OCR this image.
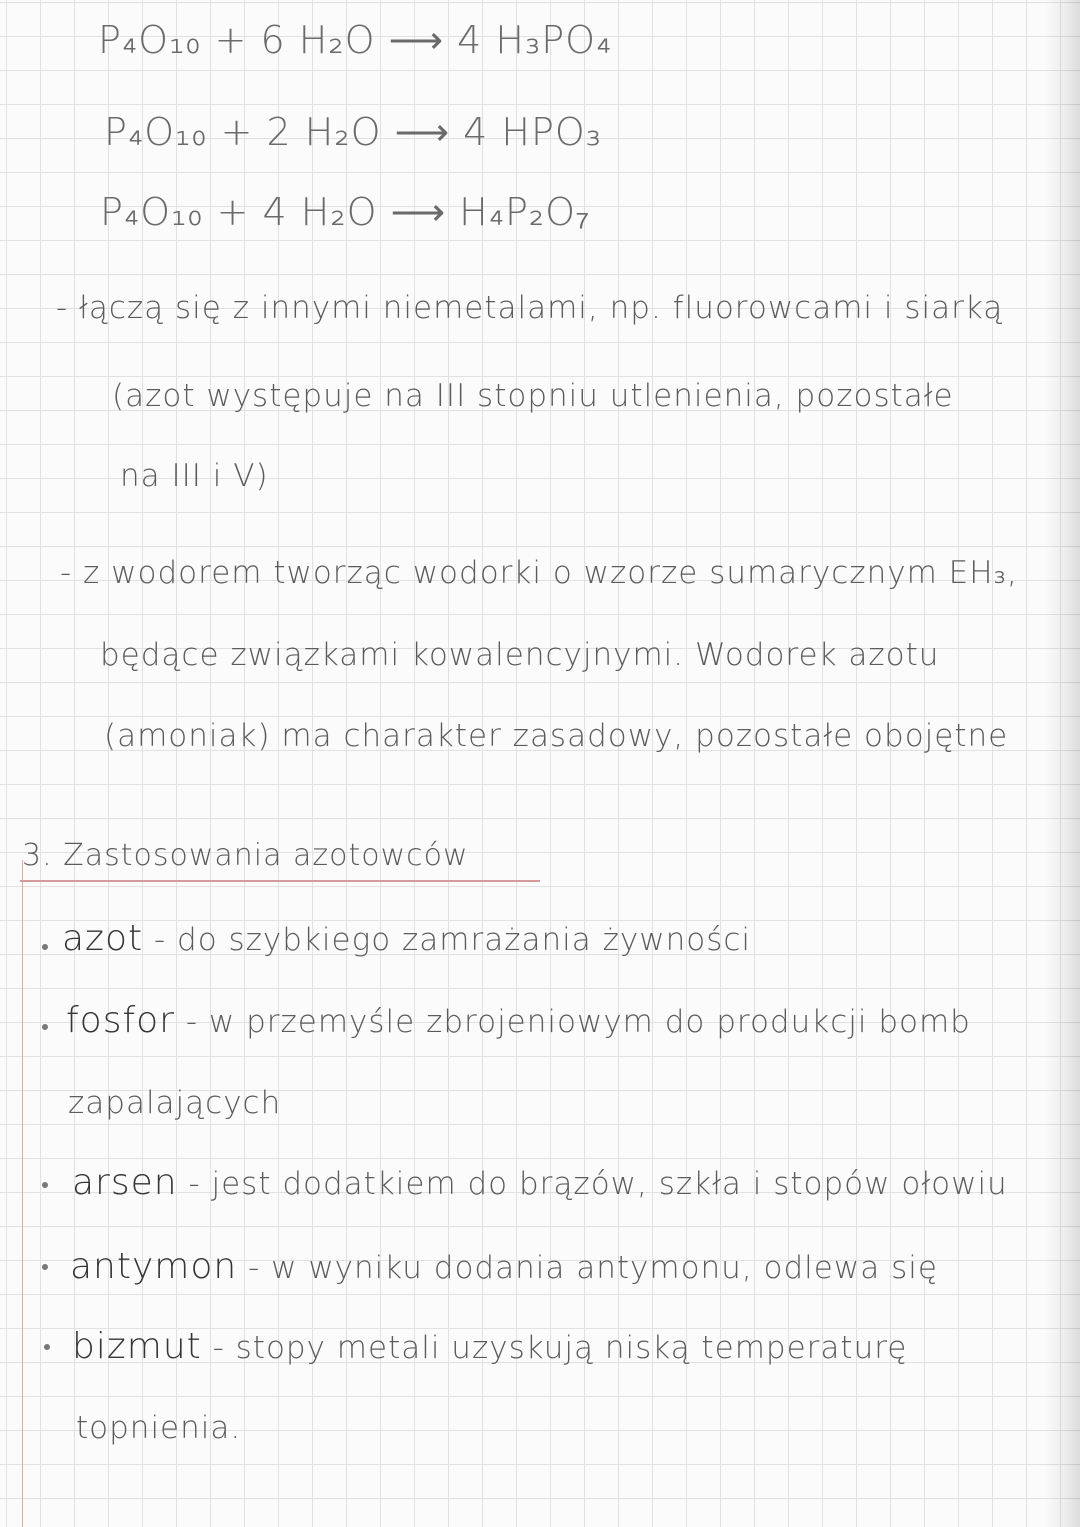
P₄O₁₀ + 6 H₂O ⟶ 4 H₃PO₄
P₄O₁₀ + 2 H₂O ⟶ 4 HPO₃
P₄O₁₀ + 4 H₂O ⟶ H₄P₂O₇
- łączą się z innymi niemetalami, np. fluorowcami i siarką
(azot występuje na III stopniu utlenienia, pozostałe
na III i V)
- z wodorem tworząc wodorki o wzorze sumarycznym EH₃,
będące związkami kowalencyjnymi. Wodorek azotu
(amoniak) ma charakter zasadowy, pozostałe obojętne
3. Zastosowania azotowców
azot - do szybkiego zamrażania żywności
fosfor - w przemyśle zbrojeniowym do produkcji bomb
zapalających
arsen - jest dodatkiem do brązów, szkła i stopów ołowiu
antymon - w wyniku dodania antymonu, odlewa się
bizmut - stopy metali uzyskują niską temperaturę
topnienia.
